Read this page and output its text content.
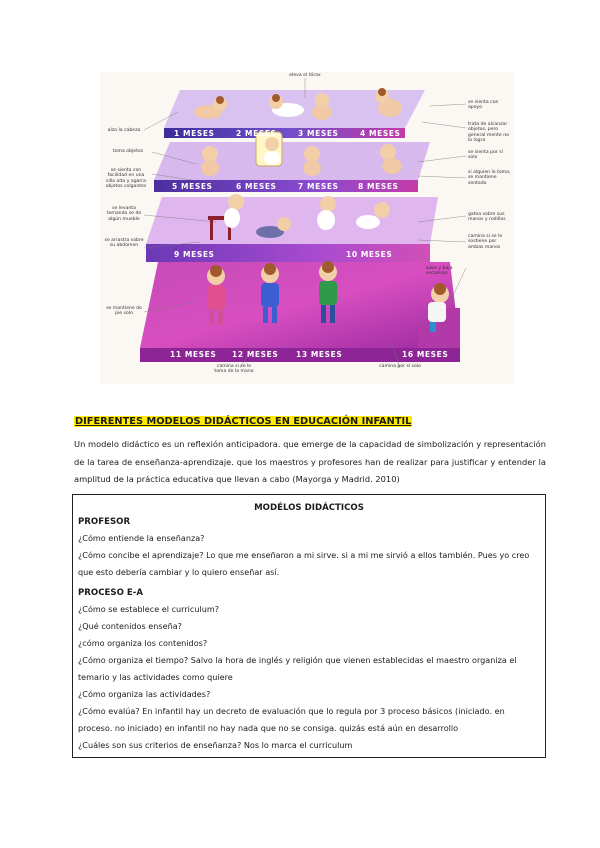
1 MESES	2 MESES	3 MESES	4 MESES
5 MESES	6 MESES	7 MESES	8 MESES
9 MESES	10 MESES
11 MESES 12 MESES 13 MESES	16 MESES
eleva el tórax
alza la cabeza
se sienta con apoyo
trata de alcanzar objetos, pero general mente no lo logra
toma objetos
se sienta con facilidad en una silla alta y agarra objetos colgantes
se sienta por sí solo
si alguien lo toma, se mantiene sentado
se levanta tomando se de algún mueble
se arrastra sobre su abdomen
gatea sobre sus manos y rodillas
camina si se le sostiene por ambas manos
sube y baja escaleras
se mantiene de pie solo
camina si se le toma de la mano
camina por sí solo
DIFERENTES MODELOS DIDÁCTICOS EN EDUCACIÓN INFANTIL
Un modelo didáctico es un reflexión anticipadora. que emerge de la capacidad de simbolización y representación de la tarea de enseñanza-aprendizaje. que los maestros y profesores han de realizar para justificar y entender la amplitud de la práctica educativa que llevan a cabo (Mayorga y Madrid. 2010)
MODÉLOS DIDÁCTICOS
PROFESOR
¿Cómo entiende la enseñanza?
¿Cómo concibe el aprendizaje? Lo que me enseñaron a mi sirve. si a mi me sirvió a ellos también. Pues yo creo que esto debería cambiar y lo quiero enseñar así.
PROCESO E-A
¿Cómo se establece el curriculum?
¿Qué contenidos enseña?
¿cómo organiza los contenidos?
¿Cómo organiza el tiempo? Salvo la hora de inglés y religión que vienen establecidas el maestro organiza el temario y las actividades como quiere
¿Cómo organiza las actividades?
¿Cómo evalúa? En infantil hay un decreto de evaluación que lo regula por 3 proceso básicos (iniciado. en proceso. no iniciado) en infantil no hay nada que no se consiga. quizás está aún en desarrollo
¿Cuáles son sus criterios de enseñanza? Nos lo marca el curriculum
